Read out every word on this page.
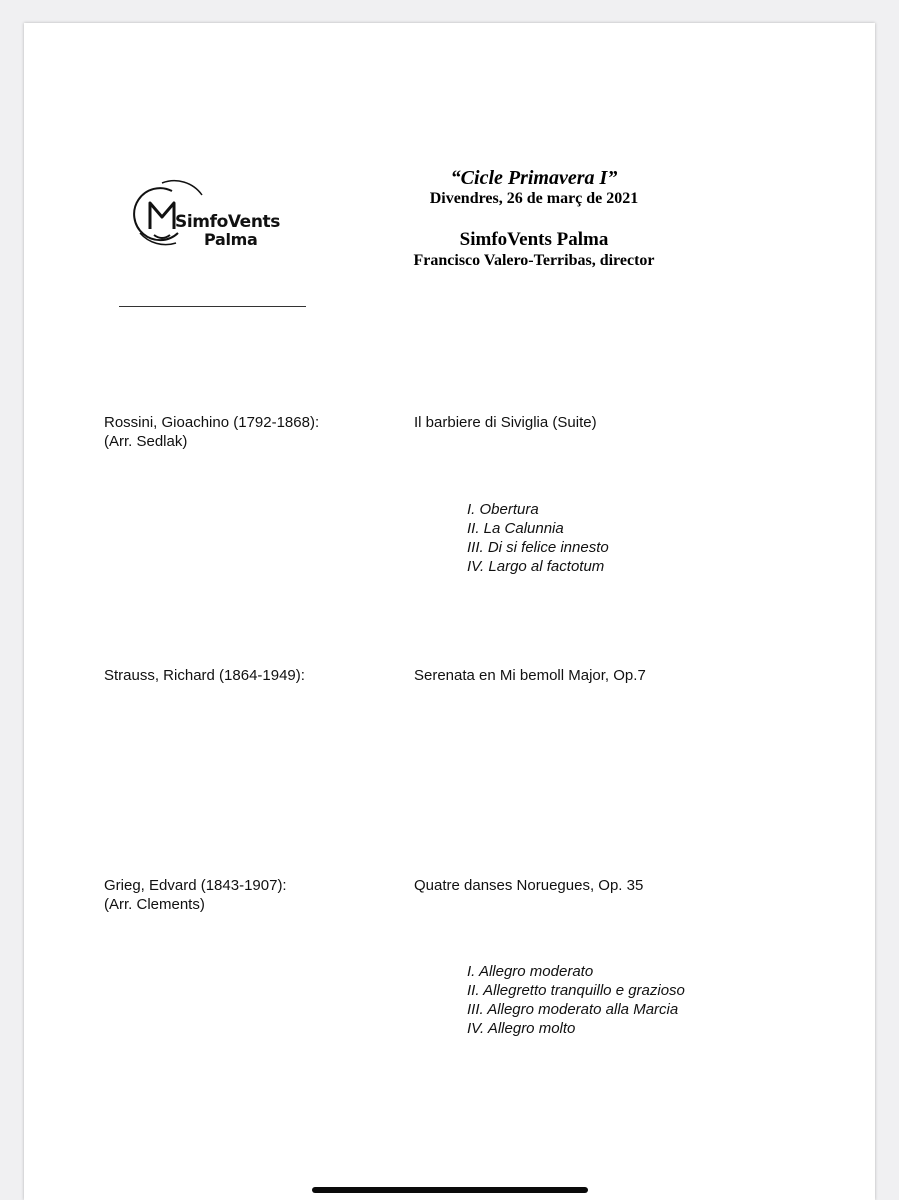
SimfoVents
Palma
“Cicle Primavera I”
Divendres, 26 de març de 2021
SimfoVents Palma
Francisco Valero-Terribas, director
Rossini, Gioachino (1792-1868):
(Arr. Sedlak)
Il barbiere di Siviglia (Suite)
I. Obertura
II. La Calunnia
III. Di si felice innesto
IV. Largo al factotum
Strauss, Richard (1864-1949):	Serenata en Mi bemoll Major, Op.7
Grieg, Edvard (1843-1907):
(Arr. Clements)
Quatre danses Noruegues, Op. 35
I. Allegro moderato
II. Allegretto tranquillo e grazioso
III. Allegro moderato alla Marcia
IV. Allegro molto
